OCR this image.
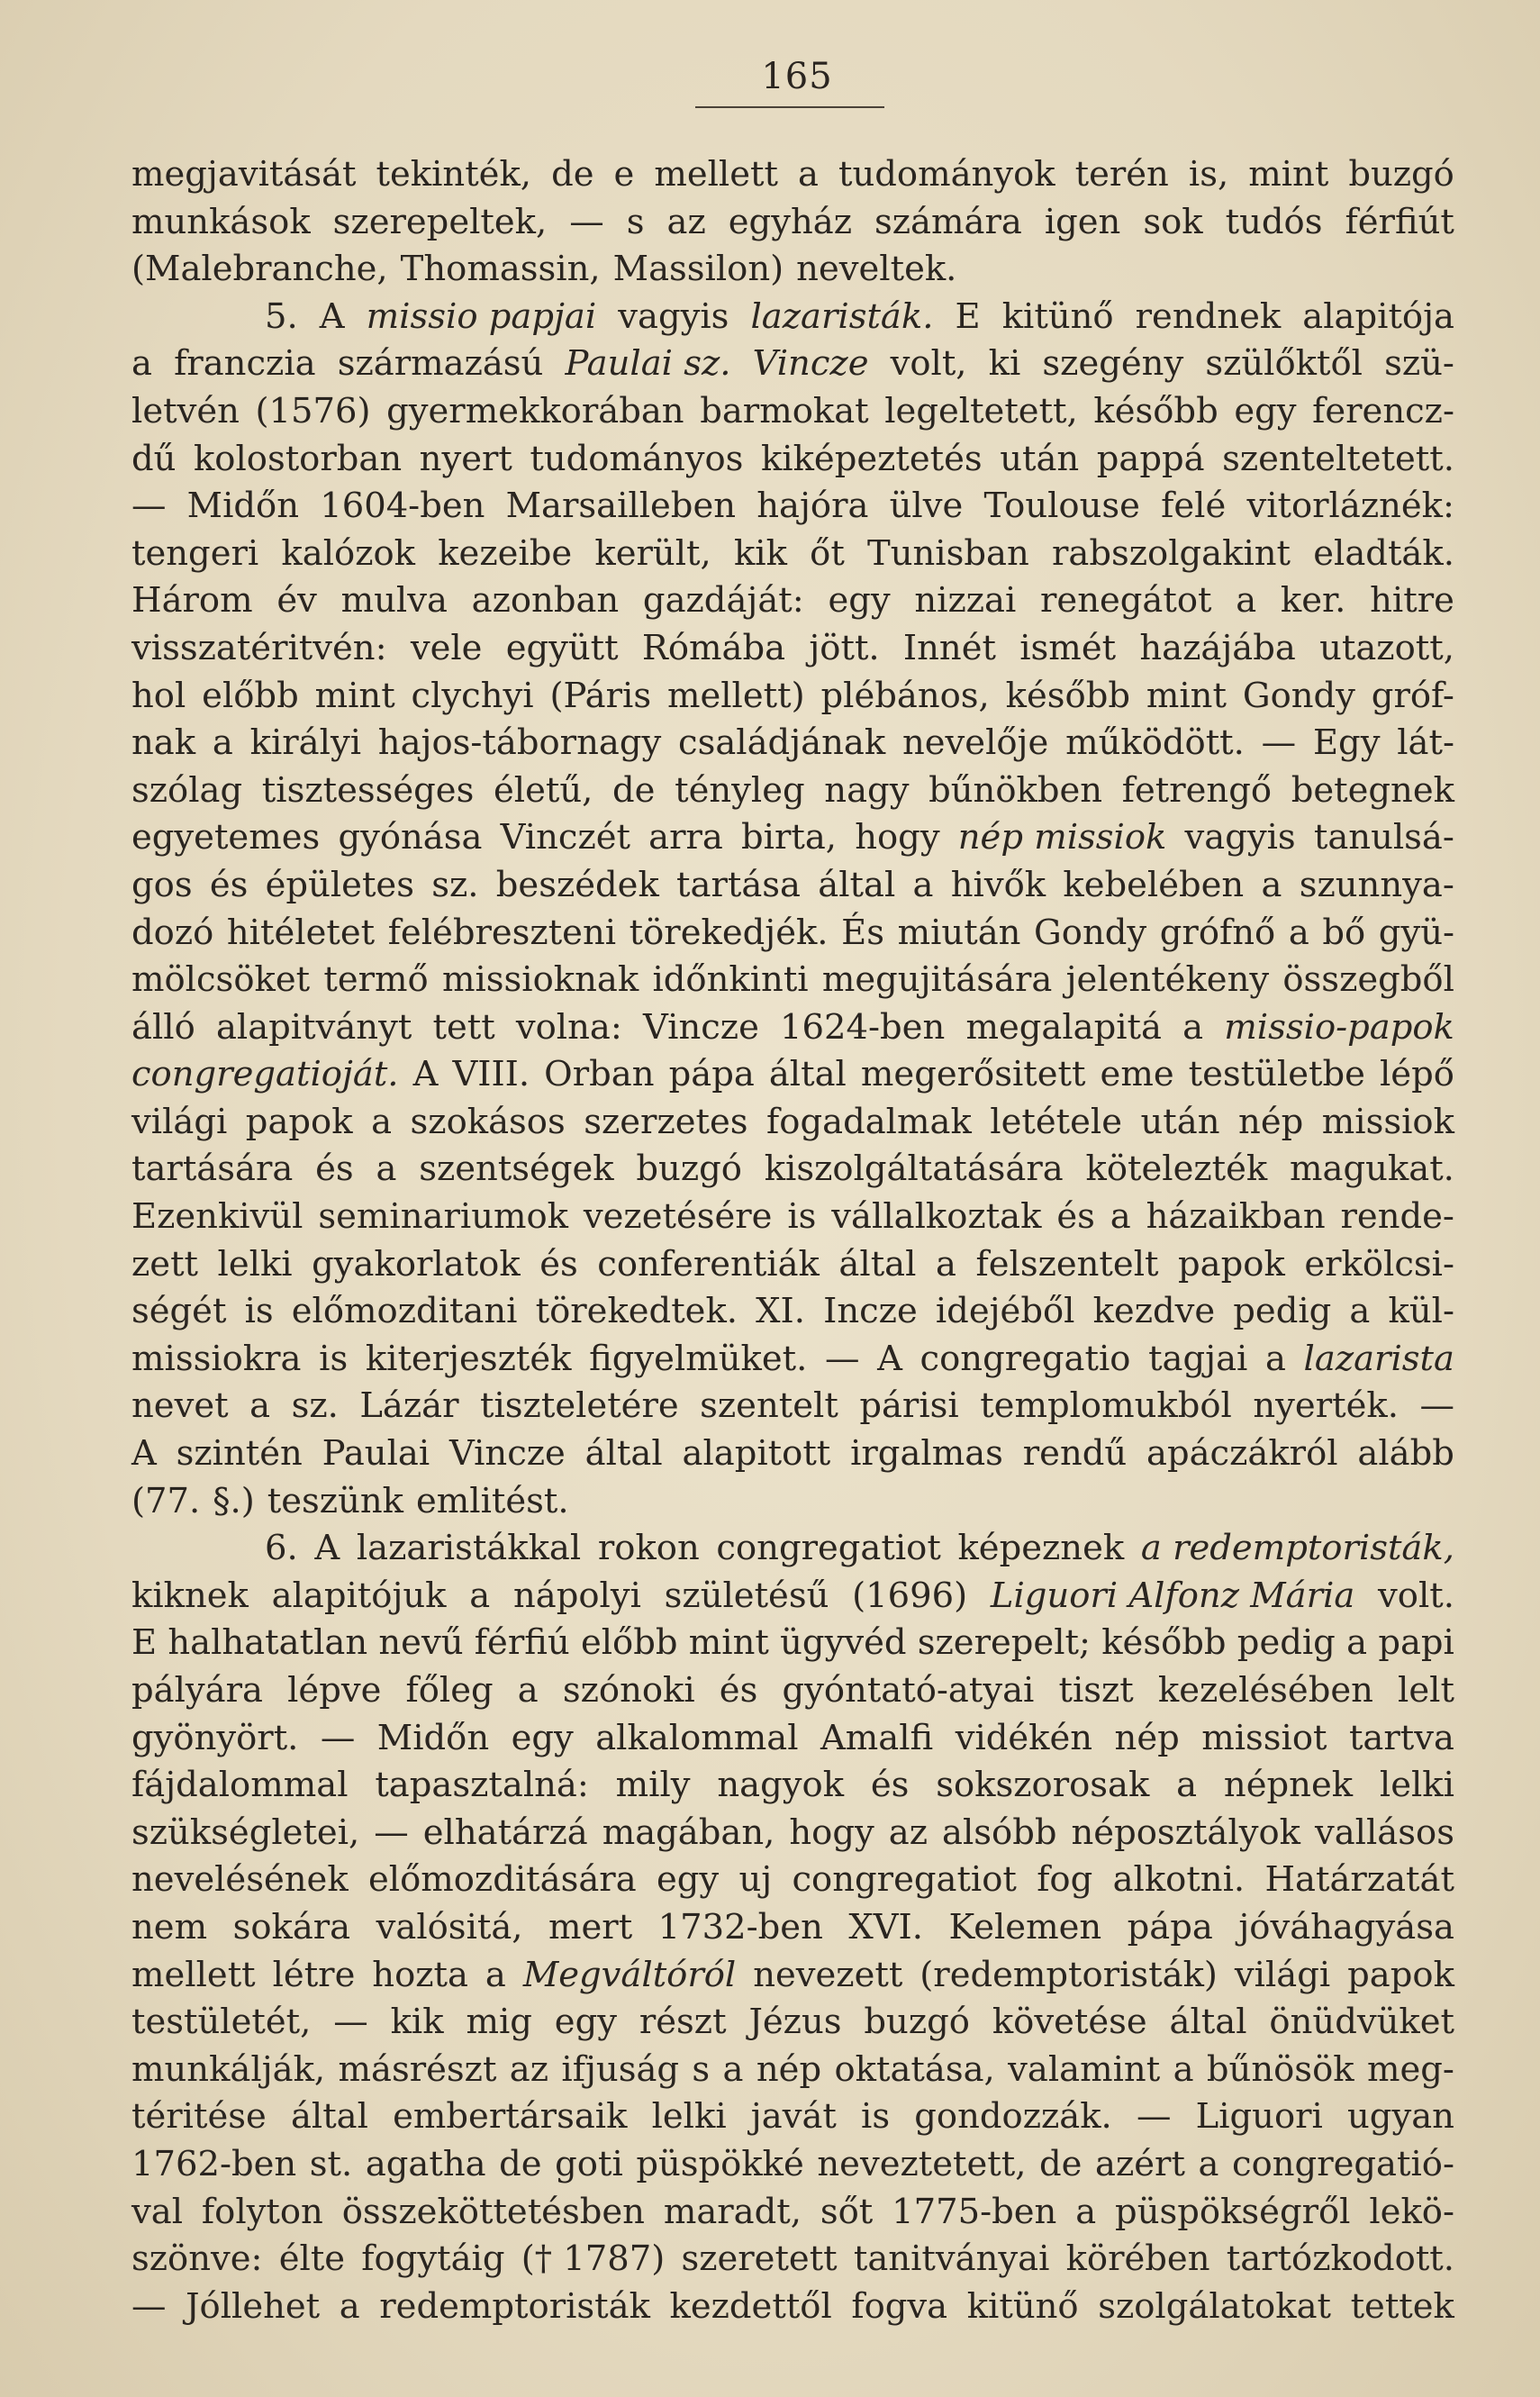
165
megjavitását tekinték, de e mellett a tudományok terén is, mint buzgó
munkások szerepeltek, — s az egyház számára igen sok tudós férfiút
(Malebranche, Thomassin, Massilon) neveltek.
5. A missio papjai vagyis lazaristák. E kitünő rendnek alapitója
a franczia származású Paulai sz. Vincze volt, ki szegény szülőktől szü-
letvén (1576) gyermekkorában barmokat legeltetett, később egy ferencz-
dű kolostorban nyert tudományos kiképeztetés után pappá szenteltetett.
— Midőn 1604-ben Marsailleben hajóra ülve Toulouse felé vitorláznék:
tengeri kalózok kezeibe került, kik őt Tunisban rabszolgakint eladták.
Három év mulva azonban gazdáját: egy nizzai renegátot a ker. hitre
visszatéritvén: vele együtt Rómába jött. Innét ismét hazájába utazott,
hol előbb mint clychyi (Páris mellett) plébános, később mint Gondy gróf-
nak a királyi hajos-tábornagy családjának nevelője működött. — Egy lát-
szólag tisztességes életű, de tényleg nagy bűnökben fetrengő betegnek
egyetemes gyónása Vinczét arra birta, hogy nép missiok vagyis tanulsá-
gos és épületes sz. beszédek tartása által a hivők kebelében a szunnya-
dozó hitéletet felébreszteni törekedjék. És miután Gondy grófnő a bő gyü-
mölcsöket termő missioknak időnkinti megujitására jelentékeny összegből
álló alapitványt tett volna: Vincze 1624-ben megalapitá a missio-papok
congregatioját. A VIII. Orban pápa által megerősitett eme testületbe lépő
világi papok a szokásos szerzetes fogadalmak letétele után nép missiok
tartására és a szentségek buzgó kiszolgáltatására kötelezték magukat.
Ezenkivül seminariumok vezetésére is vállalkoztak és a házaikban rende-
zett lelki gyakorlatok és conferentiák által a felszentelt papok erkölcsi-
ségét is előmozditani törekedtek. XI. Incze idejéből kezdve pedig a kül-
missiokra is kiterjeszték figyelmüket. — A congregatio tagjai a lazarista
nevet a sz. Lázár tiszteletére szentelt párisi templomukból nyerték. —
A szintén Paulai Vincze által alapitott irgalmas rendű apáczákról alább
(77. §.) teszünk emlitést.
6. A lazaristákkal rokon congregatiot képeznek a redemptoristák,
kiknek alapitójuk a nápolyi születésű (1696) Liguori Alfonz Mária volt.
E halhatatlan nevű férfiú előbb mint ügyvéd szerepelt; később pedig a papi
pályára lépve főleg a szónoki és gyóntató-atyai tiszt kezelésében lelt
gyönyört. — Midőn egy alkalommal Amalfi vidékén nép missiot tartva
fájdalommal tapasztalná: mily nagyok és sokszorosak a népnek lelki
szükségletei, — elhatárzá magában, hogy az alsóbb néposztályok vallásos
nevelésének előmozditására egy uj congregatiot fog alkotni. Határzatát
nem sokára valósitá, mert 1732-ben XVI. Kelemen pápa jóváhagyása
mellett létre hozta a Megváltóról nevezett (redemptoristák) világi papok
testületét, — kik mig egy részt Jézus buzgó követése által önüdvüket
munkálják, másrészt az ifjuság s a nép oktatása, valamint a bűnösök meg-
téritése által embertársaik lelki javát is gondozzák. — Liguori ugyan
1762-ben st. agatha de goti püspökké neveztetett, de azért a congregatió-
val folyton összeköttetésben maradt, sőt 1775-ben a püspökségről lekö-
szönve: élte fogytáig († 1787) szeretett tanitványai körében tartózkodott.
— Jóllehet a redemptoristák kezdettől fogva kitünő szolgálatokat tettek
